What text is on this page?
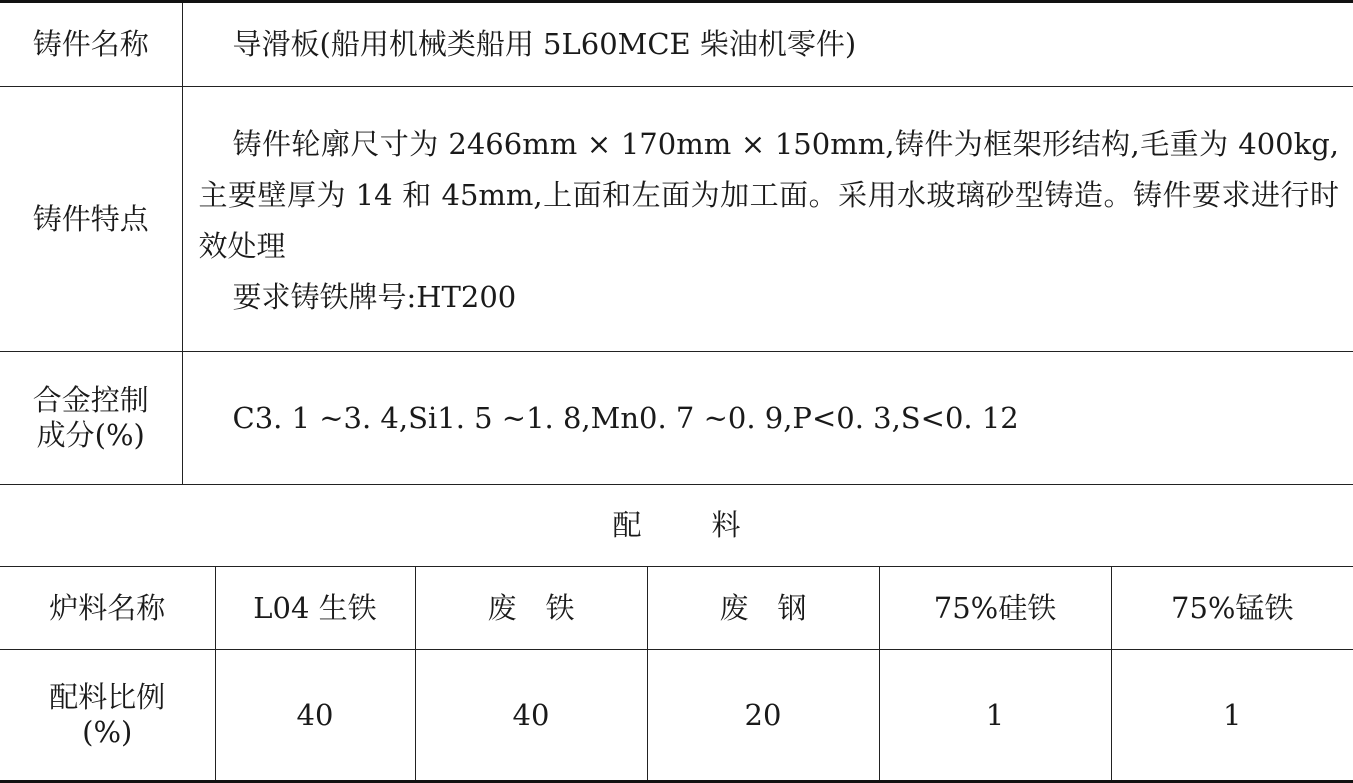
铸件名称	导滑板(船用机械类船用 5L60MCE 柴油机零件)
铸件特点	铸件轮廓尺寸为 2466mm × 170mm × 150mm,铸件为框架形结构,毛重为 400kg,主要壁厚为 14 和 45mm,上面和左面为加工面。采用水玻璃砂型铸造。铸件要求进行时效处理
要求铸铁牌号:HT200

合金控制
成分(%)	C3. 1 ~3. 4,Si1. 5 ~1. 8,Mn0. 7 ~0. 9,P<0. 3,S<0. 12
配料
炉料名称	L04 生铁	废　铁	废　钢	75%硅铁	75%锰铁

配料比例
(%)	40	40	20	1	1
